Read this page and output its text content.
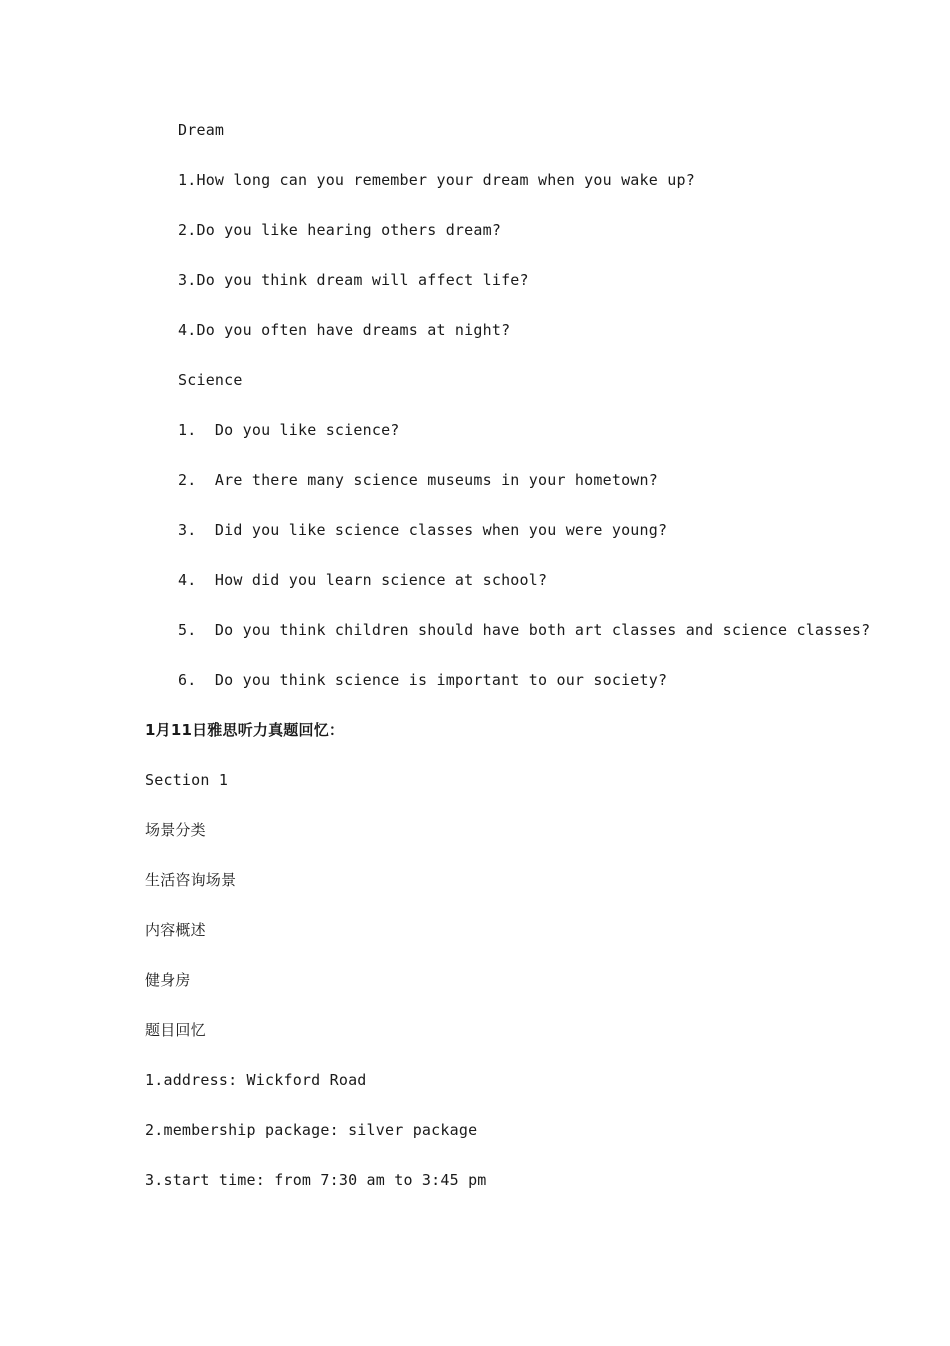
Dream
1.How long can you remember your dream when you wake up?
2.Do you like hearing others dream?
3.Do you think dream will affect life?
4.Do you often have dreams at night?
Science
1.  Do you like science?
2.  Are there many science museums in your hometown?
3.  Did you like science classes when you were young?
4.  How did you learn science at school?
5.  Do you think children should have both art classes and science classes?
6.  Do you think science is important to our society?
1月11日雅思听力真题回忆：
Section 1
场景分类
生活咨询场景
内容概述
健身房
题目回忆
1.address: Wickford Road
2.membership package: silver package
3.start time: from 7:30 am to 3:45 pm
